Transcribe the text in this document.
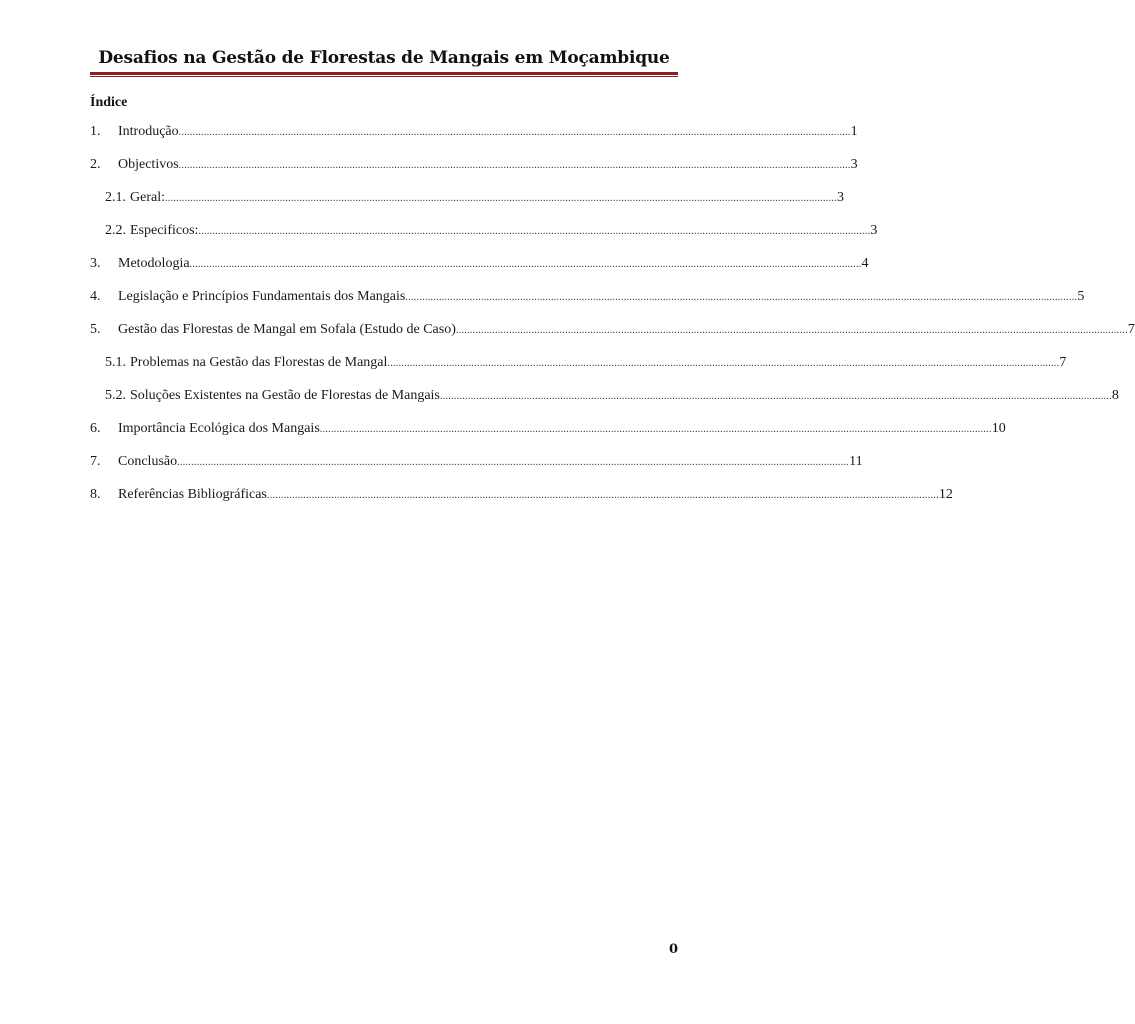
Desafios na Gestão de Florestas de Mangais em Moçambique
Índice
1.	Introdução ................................................................................................................................................................................................................................................ 1
2.	Objectivos ................................................................................................................................................................................................................................................ 3
2.1. Geral: ................................................................................................................................................................................................................................................ 3
2.2. Especificos: ................................................................................................................................................................................................................................................ 3
3.	Metodologia ................................................................................................................................................................................................................................................ 4
4.	Legislação e Princípios Fundamentais dos Mangais ................................................................................................................................................................................................................................................ 5
5.	Gestão das Florestas de Mangal em Sofala (Estudo de Caso) ................................................................................................................................................................................................................................................ 7
5.1. Problemas na Gestão das Florestas de Mangal ................................................................................................................................................................................................................................................ 7
5.2. Soluções Existentes na Gestão de Florestas de Mangais ................................................................................................................................................................................................................................................ 8
6.	Importância Ecológica dos Mangais ................................................................................................................................................................................................................................................ 10
7.	Conclusão ................................................................................................................................................................................................................................................ 11
8.	Referências Bibliográficas ................................................................................................................................................................................................................................................ 12
0
